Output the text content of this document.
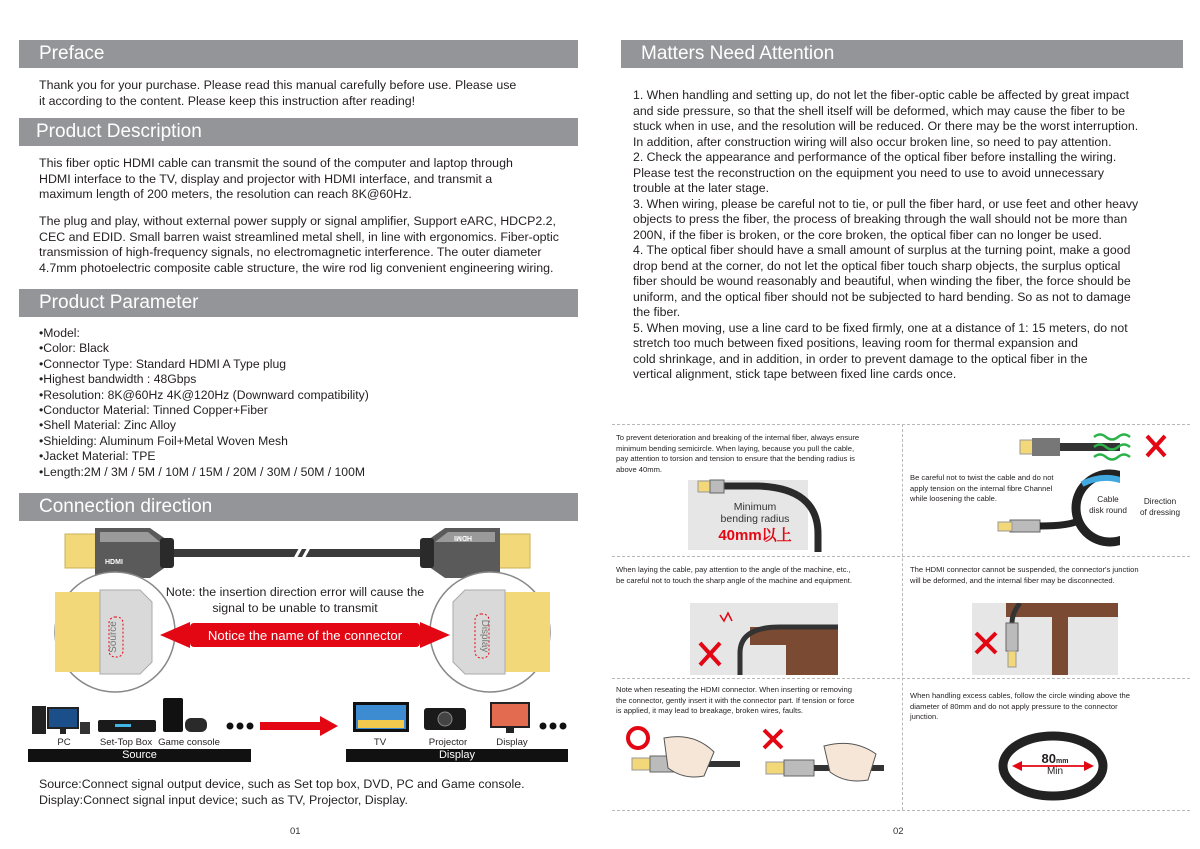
Preface
Thank you for your purchase. Please read this manual carefully before use. Please use
it according to the content. Please keep this instruction after reading!
Product Description
This fiber optic HDMI cable can transmit the sound of the computer and laptop through
HDMI interface to the TV, display and projector with HDMI interface, and transmit a
maximum length of 200 meters, the resolution can reach 8K@60Hz.
The plug and play, without external power supply or signal amplifier, Support eARC, HDCP2.2,
CEC and EDID. Small barren waist streamlined metal shell, in line with ergonomics. Fiber-optic
transmission of high-frequency signals, no electromagnetic interference. The outer diameter
4.7mm photoelectric composite cable structure, the wire rod lig convenient engineering wiring.
Product Parameter
•Model:
•Color: Black
•Connector Type: Standard HDMI A Type plug
•Highest bandwidth : 48Gbps
•Resolution: 8K@60Hz 4K@120Hz (Downward compatibility)
•Conductor Material: Tinned Copper+Fiber
•Shell Material: Zinc Alloy
•Shielding: Aluminum Foil+Metal Woven Mesh
•Jacket Material: TPE
•Length:2M / 3M / 5M / 10M / 15M / 20M / 30M / 50M / 100M
Connection direction
HDMI
HDMI
Source	Display
Note: the insertion direction error will cause the
signal to be unable to transmit
Notice the name of the connector
PC	Set-Top Box Game console	TV	Projector	Display
Source	Display
Source:Connect signal output device, such as Set top box, DVD, PC and Game console.
Display:Connect signal input device; such as TV, Projector, Display.
01
Matters Need Attention
1. When handling and setting up, do not let the fiber-optic cable be affected by great impact
and side pressure, so that the shell itself will be deformed, which may cause the fiber to be
stuck when in use, and the resolution will be reduced. Or there may be the worst interruption.
In addition, after construction wiring will also occur broken line, so need to pay attention.
2. Check the appearance and performance of the optical fiber before installing the wiring.
Please test the reconstruction on the equipment you need to use to avoid unnecessary
trouble at the later stage.
3. When wiring, please be careful not to tie, or pull the fiber hard, or use feet and other heavy
objects to press the fiber, the process of breaking through the wall should not be more than
200N, if the fiber is broken, or the core broken, the optical fiber can no longer be used.
4. The optical fiber should have a small amount of surplus at the turning point, make a good
drop bend at the corner, do not let the optical fiber touch sharp objects, the surplus optical
fiber should be wound reasonably and beautiful, when winding the fiber, the force should be
uniform, and the optical fiber should not be subjected to hard bending. So as not to damage
the fiber.
5. When moving, use a line card to be fixed firmly, one at a distance of 1: 15 meters, do not
stretch too much between fixed positions, leaving room for thermal expansion and
cold shrinkage, and in addition, in order to prevent damage to the optical fiber in the
vertical alignment, stick tape between fixed line cards once.
To prevent deterioration and breaking of the internal fiber, always ensure
minimum bending semicircle. When laying, because you pull the cable,
pay attention to torsion and tension to ensure that the bending radius is
above 40mm.
Minimum
bending radius
40mm以上
Be careful not to twist the cable and do not
apply tension on the internal fibre Channel
while loosening the cable.	Cable
disk round
Direction
of dressing
When laying the cable, pay attention to the angle of the machine, etc.,
be careful not to touch the sharp angle of the machine and equipment.
The HDMI connector cannot be suspended, the connector's junction
will be deformed, and the internal fiber may be disconnected.
Note when reseating the HDMI connector. When inserting or removing
the connector, gently insert it with the connector part. If tension or force
is applied, it may lead to breakage, broken wires, faults.
When handling excess cables, follow the circle winding above the
diameter of 80mm and do not apply pressure to the connector
junction.
80mm
Min
02
